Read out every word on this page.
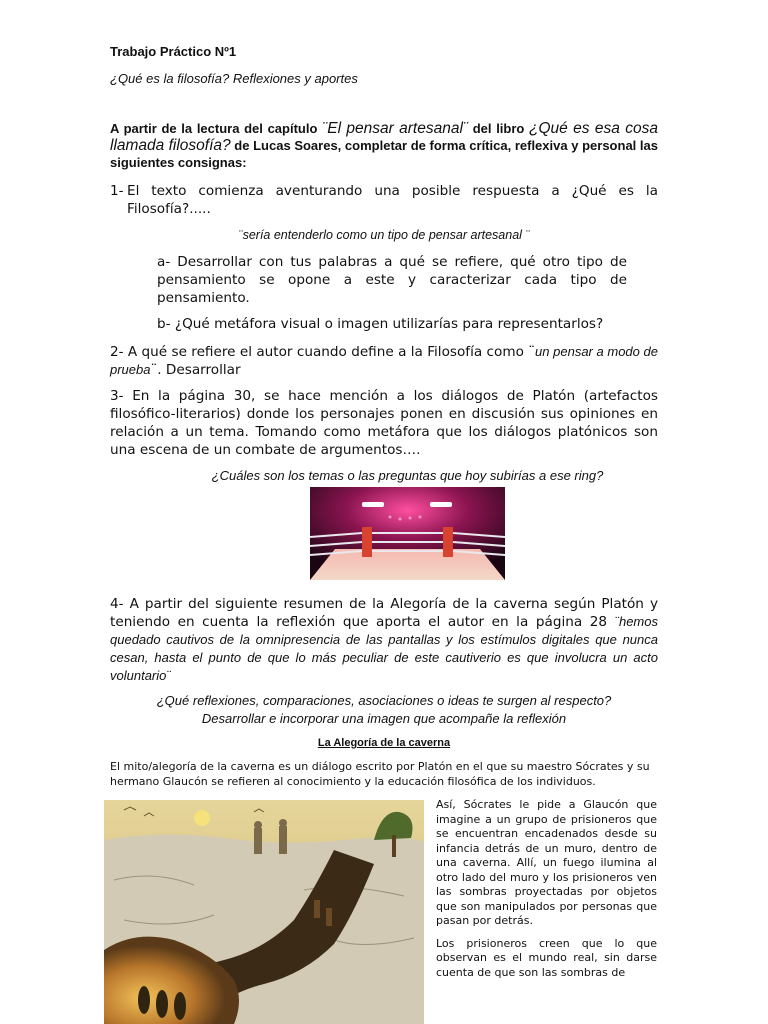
Trabajo Práctico Nº1
¿Qué es la filosofía? Reflexiones y aportes
A partir de la lectura del capítulo ¨El pensar artesanal¨ del libro ¿Qué es esa cosa llamada filosofía? de Lucas Soares, completar de forma crítica, reflexiva y personal las siguientes consignas:
1- El texto comienza aventurando una posible respuesta a ¿Qué es la Filosofía?.....
¨sería entenderlo como un tipo de pensar artesanal ¨
a- Desarrollar con tus palabras a qué se refiere, qué otro tipo de pensamiento se opone a este y caracterizar cada tipo de pensamiento.
b- ¿Qué metáfora visual o imagen utilizarías para representarlos?
2- A qué se refiere el autor cuando define a la Filosofía como ¨un pensar a modo de prueba¨. Desarrollar
3- En la página 30, se hace mención a los diálogos de Platón (artefactos filosófico-literarios) donde los personajes ponen en discusión sus opiniones en relación a un tema. Tomando como metáfora que los diálogos platónicos son una escena de un combate de argumentos….
¿Cuáles son los temas o las preguntas que hoy subirías a ese ring?
4- A partir del siguiente resumen de la Alegoría de la caverna según Platón y teniendo en cuenta la reflexión que aporta el autor en la página 28 ¨hemos quedado cautivos de la omnipresencia de las pantallas y los estímulos digitales que nunca cesan, hasta el punto de que lo más peculiar de este cautiverio es que involucra un acto voluntario¨
¿Qué reflexiones, comparaciones, asociaciones o ideas te surgen al respecto?
Desarrollar e incorporar una imagen que acompañe la reflexión
La Alegoría de la caverna
El mito/alegoría de la caverna es un diálogo escrito por Platón en el que su maestro Sócrates y su hermano Glaucón se refieren al conocimiento y la educación filosófica de los individuos.

Así, Sócrates le pide a Glaucón que imagine a un grupo de prisioneros que se encuentran encadenados desde su infancia detrás de un muro, dentro de una caverna. Allí, un fuego ilumina al otro lado del muro y los prisioneros ven las sombras proyectadas por objetos que son manipulados por personas que pasan por detrás.

Los prisioneros creen que lo que observan es el mundo real, sin darse cuenta de que son las sombras de
